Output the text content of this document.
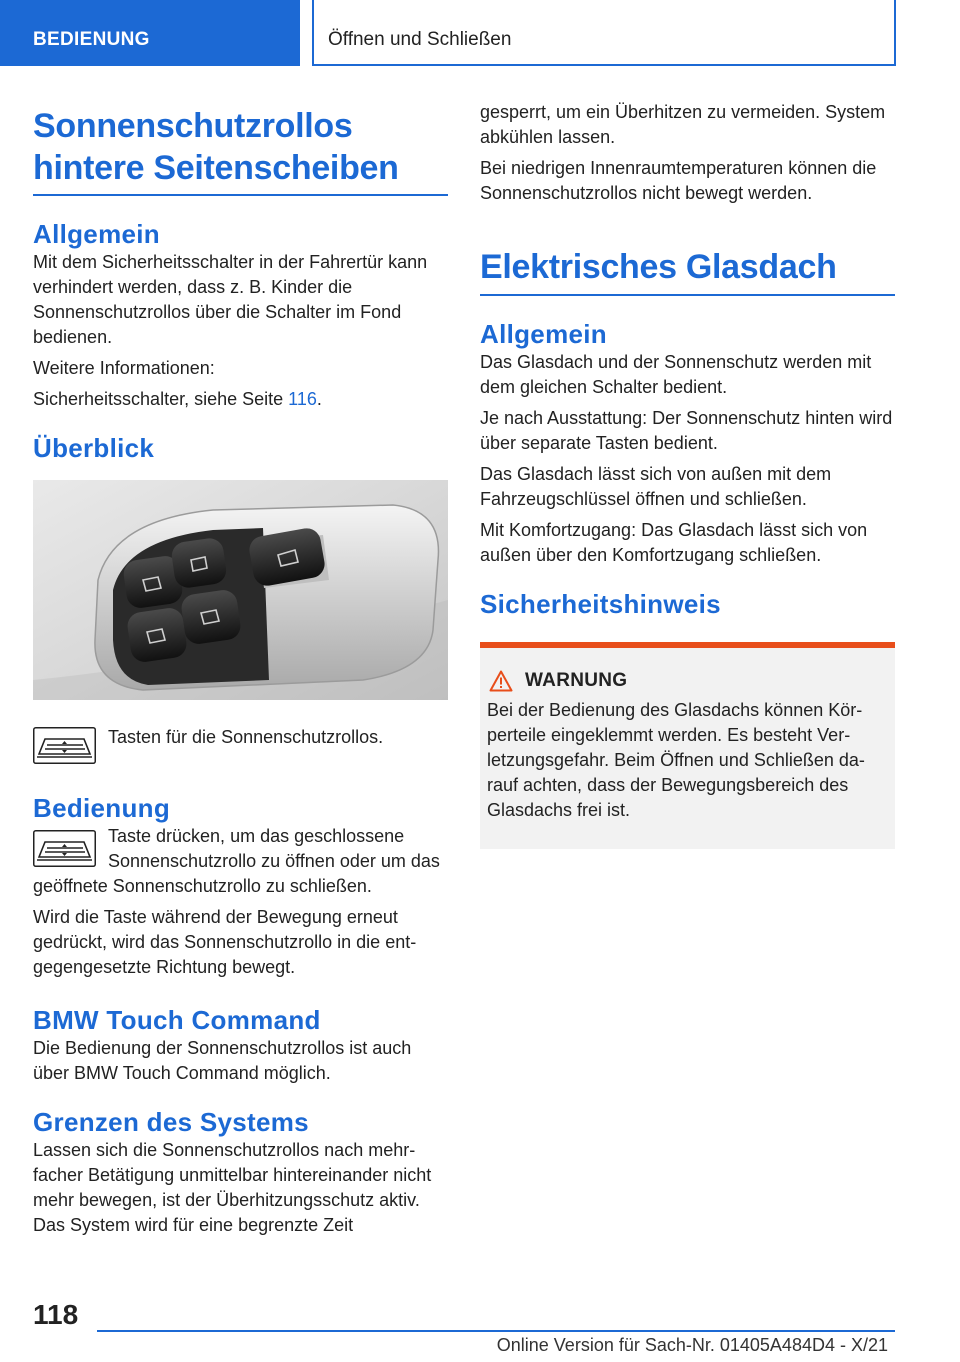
BEDIENUNG	Öffnen und Schließen
Sonnenschutzrollos hintere Seitenscheiben
Allgemein

Mit dem Sicherheitsschalter in der Fahrertür kann verhindert werden, dass z. B. Kinder die Sonnenschutzrollos über die Schalter im Fond bedienen.

Weitere Informationen:

Sicherheitsschalter, siehe Seite 116.

Überblick

Tasten für die Sonnenschutzrollos.

Bedienung

Taste drücken, um das geschlossene Sonnenschutzrollo zu öffnen oder um das geöffnete Sonnenschutzrollo zu schließen.

Wird die Taste während der Bewegung erneut gedrückt, wird das Sonnenschutzrollo in die entgegengesetzte Richtung bewegt.

BMW Touch Command

Die Bedienung der Sonnenschutzrollos ist auch über BMW Touch Command möglich.

Grenzen des Systems

Lassen sich die Sonnenschutzrollos nach mehrfacher Betätigung unmittelbar hintereinander nicht mehr bewegen, ist der Überhitzungsschutz aktiv. Das System wird für eine begrenzte Zeit

gesperrt, um ein Überhitzen zu vermeiden. System abkühlen lassen.

Bei niedrigen Innenraumtemperaturen können die Sonnenschutzrollos nicht bewegt werden.

Elektrisches Glasdach
Allgemein

Das Glasdach und der Sonnenschutz werden mit dem gleichen Schalter bedient.

Je nach Ausstattung: Der Sonnenschutz hinten wird über separate Tasten bedient.

Das Glasdach lässt sich von außen mit dem Fahrzeugschlüssel öffnen und schließen.

Mit Komfortzugang: Das Glasdach lässt sich von außen über den Komfortzugang schließen.

Sicherheitshinweis
WARNUNG

Bei der Bedienung des Glasdachs können Körperteile eingeklemmt werden. Es besteht Verletzungsgefahr. Beim Öffnen und Schließen darauf achten, dass der Bewegungsbereich des Glasdachs frei ist.

118
Online Version für Sach-Nr. 01405A484D4 - X/21
